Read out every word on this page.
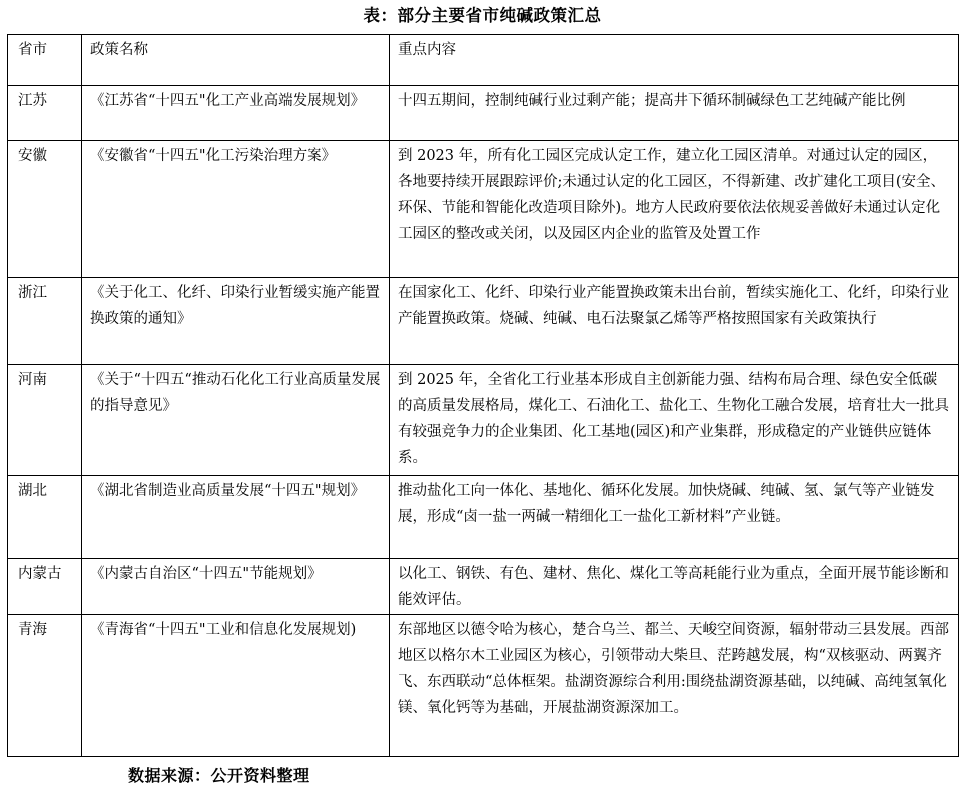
表：部分主要省市纯碱政策汇总
省市	政策名称	重点内容
江苏	《江苏省“十四五"化工产业高端发展规划》	十四五期间，控制纯碱行业过剩产能；提高井下循环制碱绿色工艺纯碱产能比例
安徽	《安徽省“十四五"化工污染治理方案》	到 2023 年，所有化工园区完成认定工作，建立化工园区清单。对通过认定的园区，各地要持续开展跟踪评价;未通过认定的化工园区，不得新建、改扩建化工项目(安全、环保、节能和智能化改造项目除外)。地方人民政府要依法依规妥善做好未通过认定化工园区的整改或关闭，以及园区内企业的监管及处置工作
浙江	《关于化工、化纤、印染行业暂缓实施产能置换政策的通知》	在国家化工、化纤、印染行业产能置换政策未出台前，暂续实施化工、化纤，印染行业产能置换政策。烧碱、纯碱、电石法聚氯乙烯等严格按照国家有关政策执行
河南	《关于“十四五“推动石化化工行业高质量发展的指导意见》	到 2025 年，全省化工行业基本形成自主创新能力强、结构布局合理、绿色安全低碳的高质量发展格局，煤化工、石油化工、盐化工、生物化工融合发展，培育壮大一批具有较强竞争力的企业集团、化工基地(园区)和产业集群，形成稳定的产业链供应链体系。
湖北	《湖北省制造业高质量发展“十四五"规划》	推动盐化工向一体化、基地化、循环化发展。加快烧碱、纯碱、氢、氯气等产业链发展，形成“卤一盐一两碱一精细化工一盐化工新材料”产业链。
内蒙古	《内蒙古自治区“十四五"节能规划》	以化工、钢铁、有色、建材、焦化、煤化工等高耗能行业为重点，全面开展节能诊断和能效评估。
青海	《青海省“十四五"工业和信息化发展规划)	东部地区以德令哈为核心，楚合乌兰、都兰、天峻空间资源，辐射带动三县发展。西部地区以格尔木工业园区为核心，引领带动大柴旦、茫跨越发展，构“双核驱动、两翼齐飞、东西联动“总体框架。盐湖资源综合利用:围绕盐湖资源基础，以纯碱、高纯氢氧化镁、氧化钙等为基础，开展盐湖资源深加工。
数据来源：公开资料整理
